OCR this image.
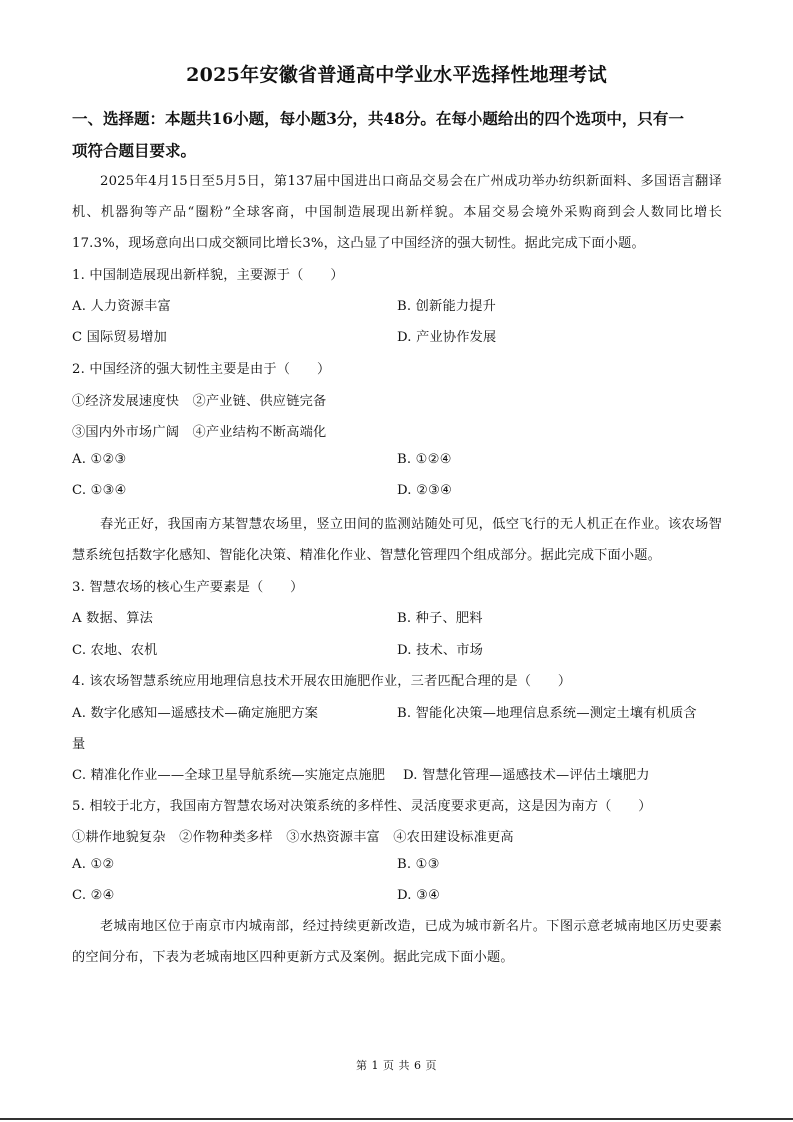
2025年安徽省普通高中学业水平选择性地理考试
一、选择题：本题共16小题，每小题3分，共48分。在每小题给出的四个选项中，只有一
项符合题目要求。
2025年4月15日至5月5日，第137届中国进出口商品交易会在广州成功举办纺织新面料、多国语言翻译机、机器狗等产品“圈粉”全球客商，中国制造展现出新样貌。本届交易会境外采购商到会人数同比增长17.3%，现场意向出口成交额同比增长3%，这凸显了中国经济的强大韧性。据此完成下面小题。
1. 中国制造展现出新样貌，主要源于（　　）
A. 人力资源丰富	B. 创新能力提升
C 国际贸易增加	D. 产业协作发展
2. 中国经济的强大韧性主要是由于（　　）
①经济发展速度快　②产业链、供应链完备
③国内外市场广阔　④产业结构不断高端化
A. ①②③	B. ①②④
C. ①③④	D. ②③④
春光正好，我国南方某智慧农场里，竖立田间的监测站随处可见，低空飞行的无人机正在作业。该农场智慧系统包括数字化感知、智能化决策、精准化作业、智慧化管理四个组成部分。据此完成下面小题。
3. 智慧农场的核心生产要素是（　　）
A 数据、算法	B. 种子、肥料
C. 农地、农机	D. 技术、市场
4. 该农场智慧系统应用地理信息技术开展农田施肥作业，三者匹配合理的是（　　）
A. 数字化感知—遥感技术—确定施肥方案	B. 智能化决策—地理信息系统—测定土壤有机质含
量
C. 精准化作业——全球卫星导航系统—实施定点施肥 D. 智慧化管理—遥感技术—评估土壤肥力
5. 相较于北方，我国南方智慧农场对决策系统的多样性、灵活度要求更高，这是因为南方（　　）
①耕作地貌复杂　②作物种类多样　③水热资源丰富　④农田建设标准更高
A. ①②	B. ①③
C. ②④	D. ③④
老城南地区位于南京市内城南部，经过持续更新改造，已成为城市新名片。下图示意老城南地区历史要素的空间分布，下表为老城南地区四种更新方式及案例。据此完成下面小题。
第 1 页 共 6 页
